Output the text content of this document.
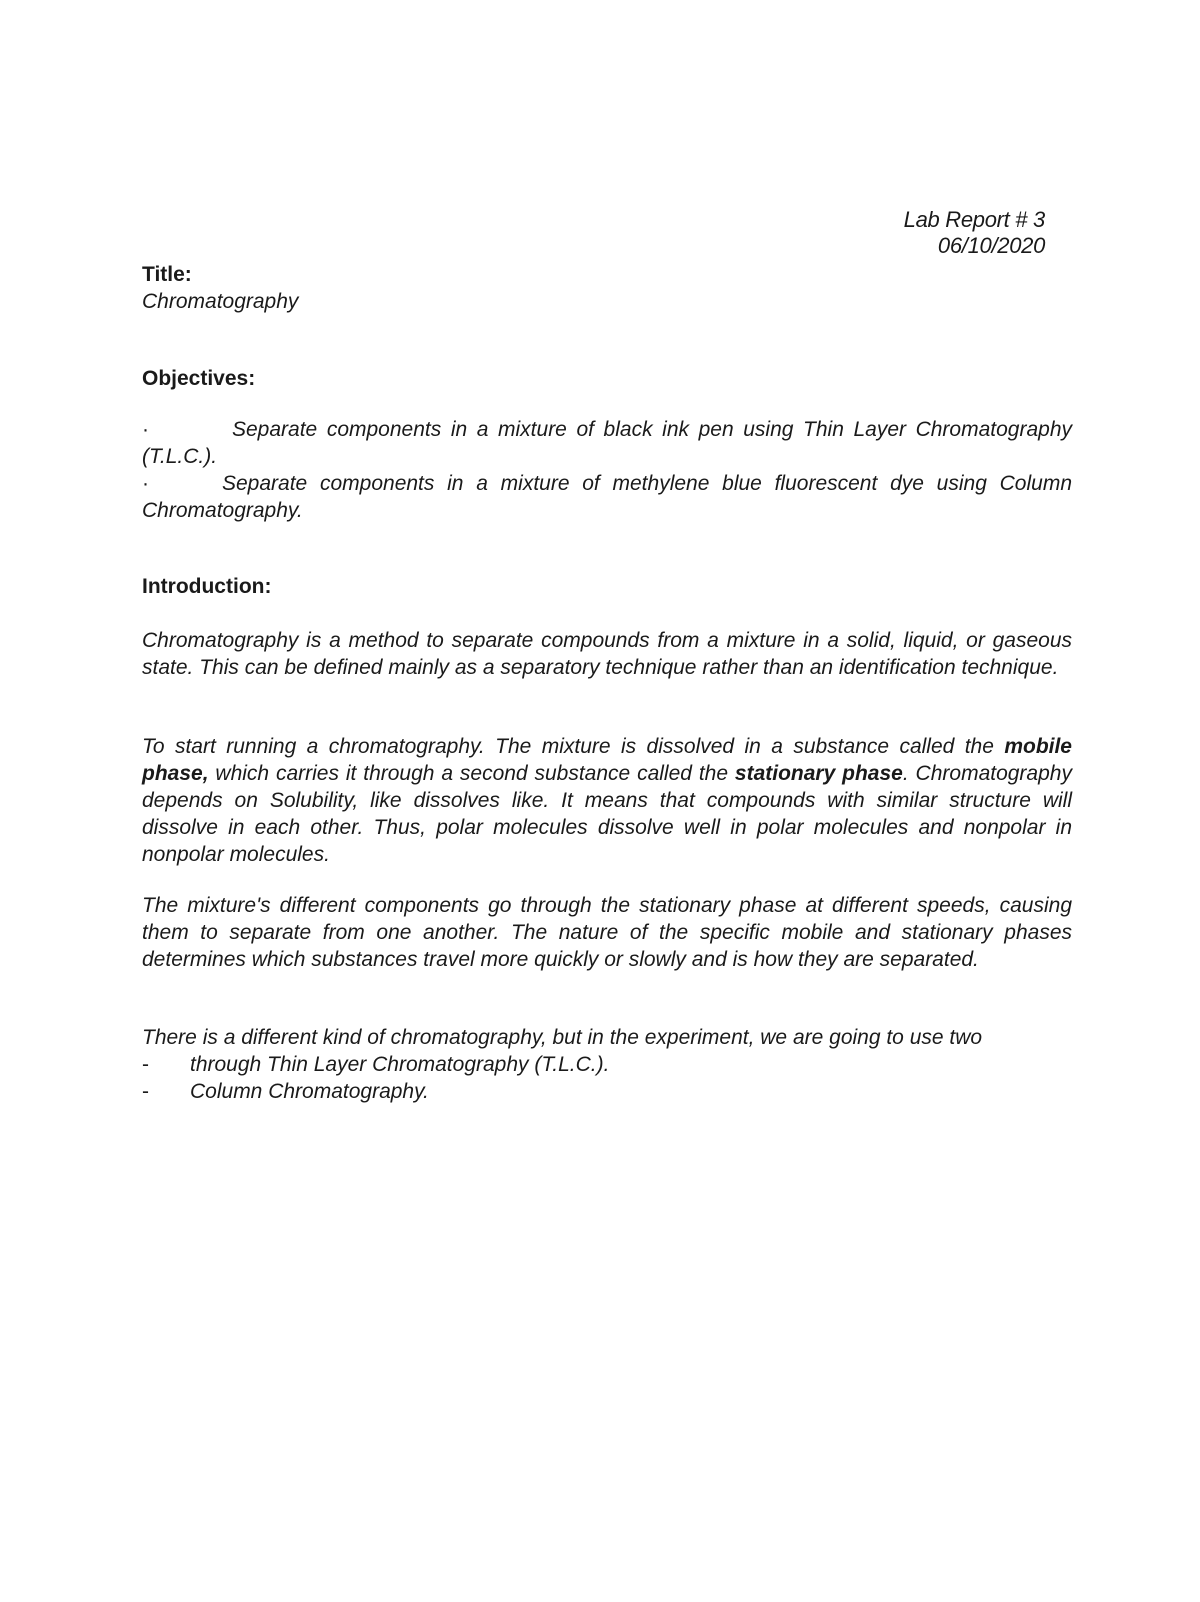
Lab Report # 3
06/10/2020

Title:

Chromatography

Objectives:

·	Separate components in a mixture of black ink pen using Thin Layer Chromatography (T.L.C.).

·	Separate components in a mixture of methylene blue fluorescent dye using Column Chromatography.

Introduction:

Chromatography is a method to separate compounds from a mixture in a solid, liquid, or gaseous state. This can be defined mainly as a separatory technique rather than an identification technique.

To start running a chromatography. The mixture is dissolved in a substance called the mobile phase, which carries it through a second substance called the stationary phase. Chromatography depends on Solubility, like dissolves like. It means that compounds with similar structure will dissolve in each other. Thus, polar molecules dissolve well in polar molecules and nonpolar in nonpolar molecules.

The mixture's different components go through the stationary phase at different speeds, causing them to separate from one another. The nature of the specific mobile and stationary phases determines which substances travel more quickly or slowly and is how they are separated.

There is a different kind of chromatography, but in the experiment, we are going to use two

-	through Thin Layer Chromatography (T.L.C.).

-	Column Chromatography.
